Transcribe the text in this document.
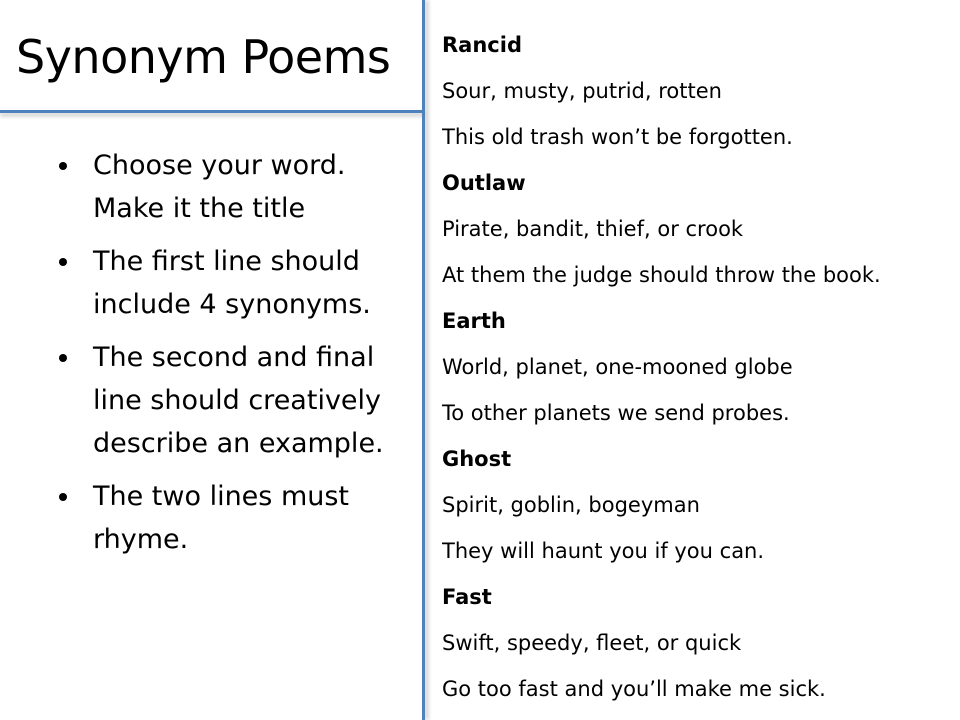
Synonym Poems
Choose your word. Make it the title
The first line should include 4 synonyms.
The second and final line should creatively describe an example.
The two lines must rhyme.
Rancid
Sour, musty, putrid, rotten
This old trash won’t be forgotten.
Outlaw
Pirate, bandit, thief, or crook
At them the judge should throw the book.
Earth
World, planet, one-mooned globe
To other planets we send probes.
Ghost
Spirit, goblin, bogeyman
They will haunt you if you can.
Fast
Swift, speedy, fleet, or quick
Go too fast and you’ll make me sick.
